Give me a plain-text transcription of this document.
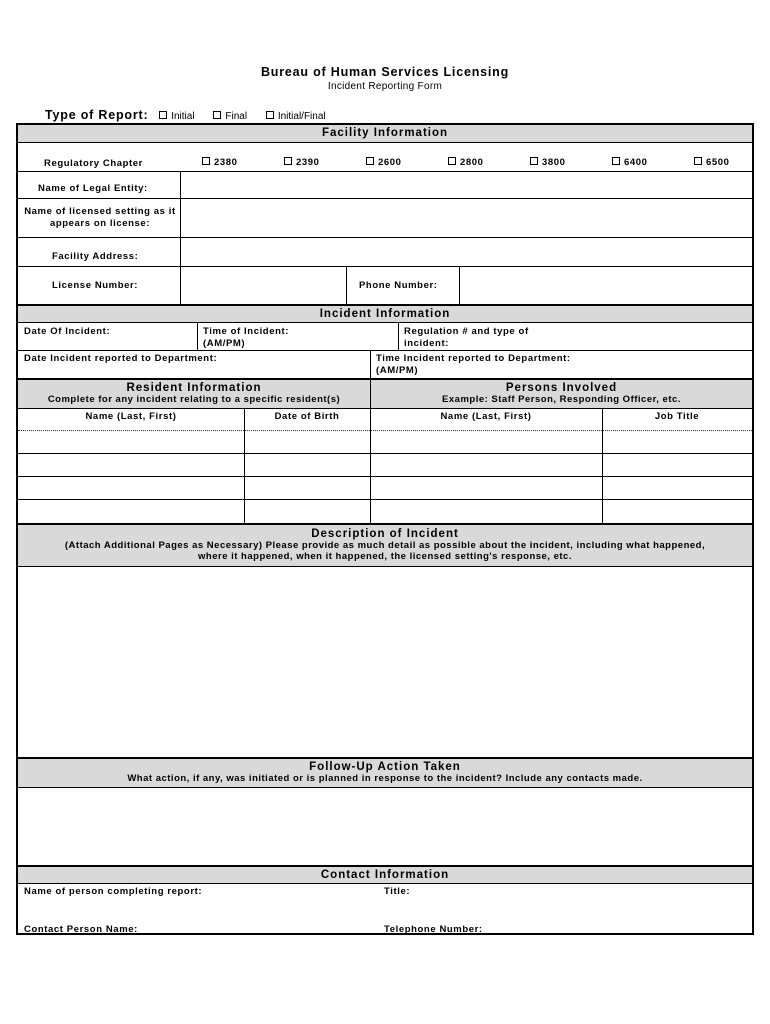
Bureau of Human Services Licensing
Incident Reporting Form
Type of Report: Initial	Final	Initial/Final
Facility Information
Regulatory Chapter	2380	2390	2600	2800	3800	6400	6500
Name of Legal Entity:
Name of licensed setting as it appears on license:
Facility Address:
License Number:	Phone Number:
Incident Information
Date Of Incident:	Time of Incident:
(AM/PM)
Regulation # and type of
incident:
Date Incident reported to Department:	Time Incident reported to Department:
(AM/PM)
Resident Information
Complete for any incident relating to a specific resident(s)
Persons Involved
Example: Staff Person, Responding Officer, etc.
Name (Last, First)	Date of Birth	Name (Last, First)	Job Title
Description of Incident
(Attach Additional Pages as Necessary) Please provide as much detail as possible about the incident, including what happened,
where it happened, when it happened, the licensed setting's response, etc.
Follow-Up Action Taken
What action, if any, was initiated or is planned in response to the incident? Include any contacts made.
Contact Information
Name of person completing report:	Title:
Contact Person Name:	Telephone Number:
